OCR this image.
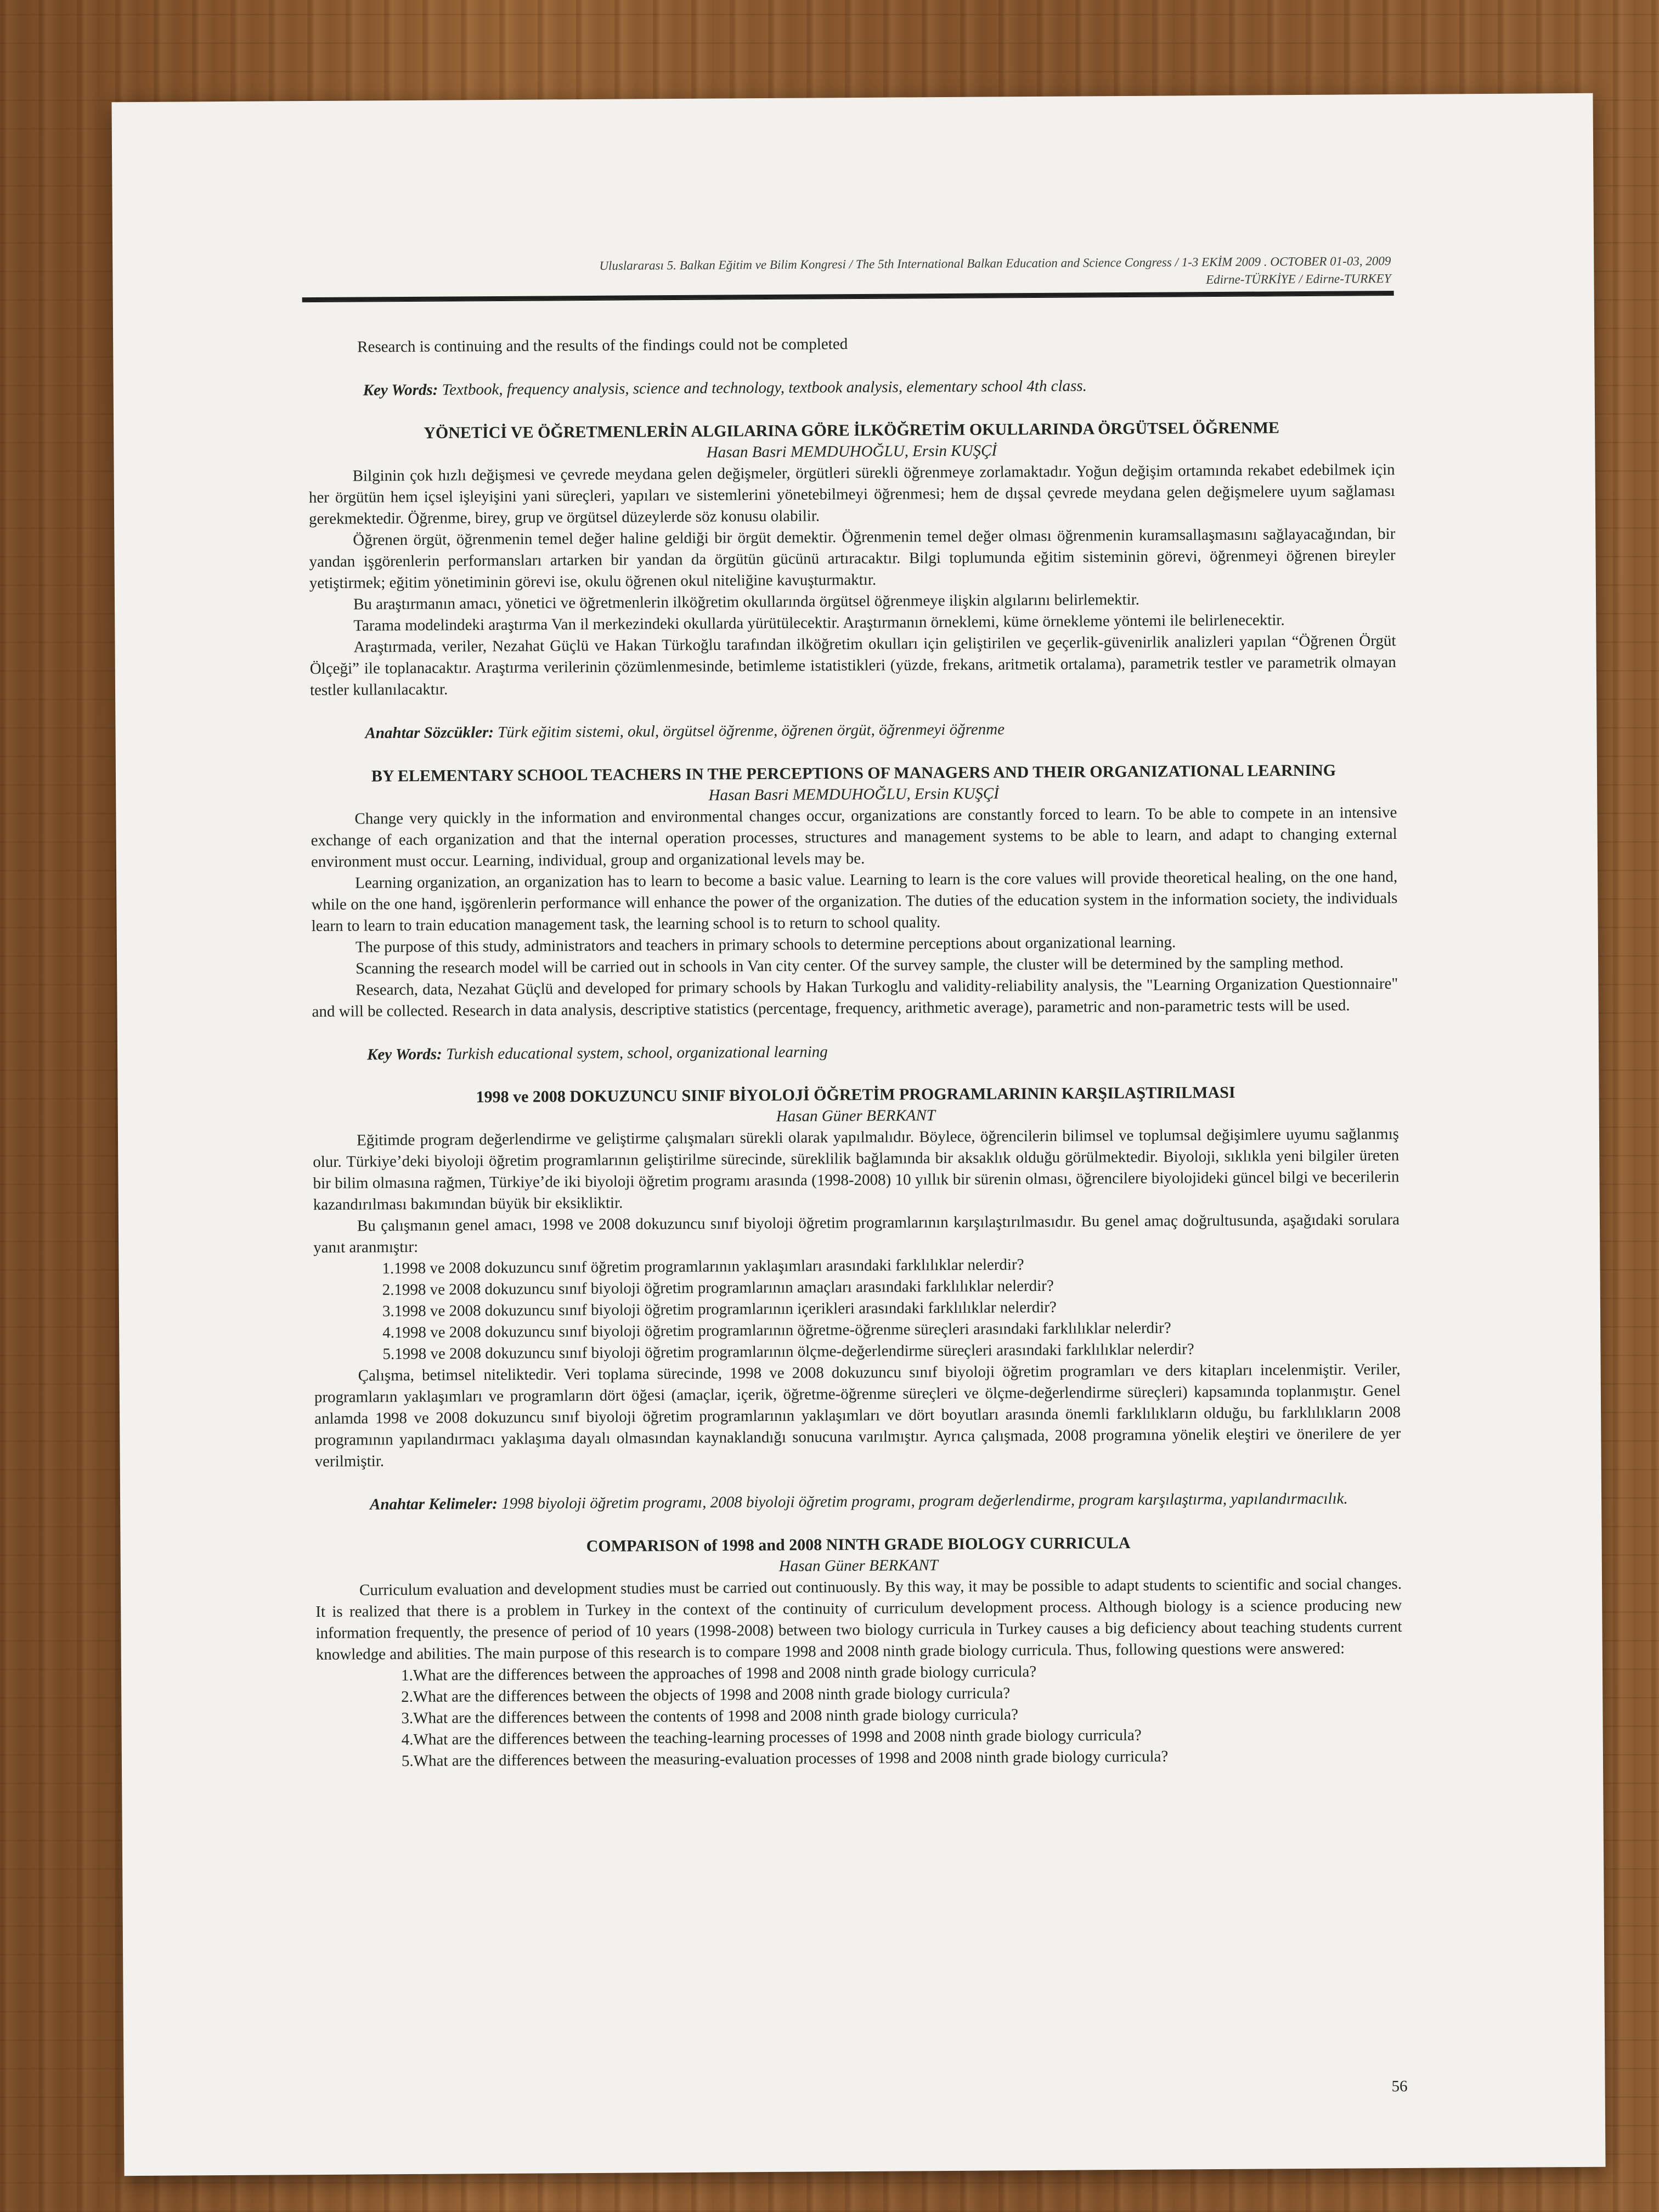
Uluslararası 5. Balkan Eğitim ve Bilim Kongresi / The 5th International Balkan Education and Science Congress / 1-3 EKİM 2009 . OCTOBER 01-03, 2009
Edirne-TÜRKİYE / Edirne-TURKEY

Research is continuing and the results of the findings could not be completed

Key Words: Textbook, frequency analysis, science and technology, textbook analysis, elementary school 4th class.

YÖNETİCİ VE ÖĞRETMENLERİN ALGILARINA GÖRE İLKÖĞRETİM OKULLARINDA ÖRGÜTSEL ÖĞRENME

Hasan Basri MEMDUHOĞLU, Ersin KUŞÇİ

Bilginin çok hızlı değişmesi ve çevrede meydana gelen değişmeler, örgütleri sürekli öğrenmeye zorlamaktadır. Yoğun değişim ortamında rekabet edebilmek için her örgütün hem içsel işleyişini yani süreçleri, yapıları ve sistemlerini yönetebilmeyi öğrenmesi; hem de dışsal çevrede meydana gelen değişmelere uyum sağlaması gerekmektedir. Öğrenme, birey, grup ve örgütsel düzeylerde söz konusu olabilir.

Öğrenen örgüt, öğrenmenin temel değer haline geldiği bir örgüt demektir. Öğrenmenin temel değer olması öğrenmenin kuramsallaşmasını sağlayacağından, bir yandan işgörenlerin performansları artarken bir yandan da örgütün gücünü artıracaktır. Bilgi toplumunda eğitim sisteminin görevi, öğrenmeyi öğrenen bireyler yetiştirmek; eğitim yönetiminin görevi ise, okulu öğrenen okul niteliğine kavuşturmaktır.

Bu araştırmanın amacı, yönetici ve öğretmenlerin ilköğretim okullarında örgütsel öğrenmeye ilişkin algılarını belirlemektir.

Tarama modelindeki araştırma Van il merkezindeki okullarda yürütülecektir. Araştırmanın örneklemi, küme örnekleme yöntemi ile belirlenecektir.

Araştırmada, veriler, Nezahat Güçlü ve Hakan Türkoğlu tarafından ilköğretim okulları için geliştirilen ve geçerlik-güvenirlik analizleri yapılan “Öğrenen Örgüt Ölçeği” ile toplanacaktır. Araştırma verilerinin çözümlenmesinde, betimleme istatistikleri (yüzde, frekans, aritmetik ortalama), parametrik testler ve parametrik olmayan testler kullanılacaktır.

Anahtar Sözcükler: Türk eğitim sistemi, okul, örgütsel öğrenme, öğrenen örgüt, öğrenmeyi öğrenme

BY ELEMENTARY SCHOOL TEACHERS IN THE PERCEPTIONS OF MANAGERS AND THEIR ORGANIZATIONAL LEARNING

Hasan Basri MEMDUHOĞLU, Ersin KUŞÇİ

Change very quickly in the information and environmental changes occur, organizations are constantly forced to learn. To be able to compete in an intensive exchange of each organization and that the internal operation processes, structures and management systems to be able to learn, and adapt to changing external environment must occur. Learning, individual, group and organizational levels may be.

Learning organization, an organization has to learn to become a basic value. Learning to learn is the core values will provide theoretical healing, on the one hand, while on the one hand, işgörenlerin performance will enhance the power of the organization. The duties of the education system in the information society, the individuals learn to learn to train education management task, the learning school is to return to school quality.

The purpose of this study, administrators and teachers in primary schools to determine perceptions about organizational learning.

Scanning the research model will be carried out in schools in Van city center. Of the survey sample, the cluster will be determined by the sampling method.

Research, data, Nezahat Güçlü and developed for primary schools by Hakan Turkoglu and validity-reliability analysis, the "Learning Organization Questionnaire" and will be collected. Research in data analysis, descriptive statistics (percentage, frequency, arithmetic average), parametric and non-parametric tests will be used.

Key Words: Turkish educational system, school, organizational learning

1998 ve 2008 DOKUZUNCU SINIF BİYOLOJİ ÖĞRETİM PROGRAMLARININ KARŞILAŞTIRILMASI

Hasan Güner BERKANT

Eğitimde program değerlendirme ve geliştirme çalışmaları sürekli olarak yapılmalıdır. Böylece, öğrencilerin bilimsel ve toplumsal değişimlere uyumu sağlanmış olur. Türkiye’deki biyoloji öğretim programlarının geliştirilme sürecinde, süreklilik bağlamında bir aksaklık olduğu görülmektedir. Biyoloji, sıklıkla yeni bilgiler üreten bir bilim olmasına rağmen, Türkiye’de iki biyoloji öğretim programı arasında (1998-2008) 10 yıllık bir sürenin olması, öğrencilere biyolojideki güncel bilgi ve becerilerin kazandırılması bakımından büyük bir eksikliktir.

Bu çalışmanın genel amacı, 1998 ve 2008 dokuzuncu sınıf biyoloji öğretim programlarının karşılaştırılmasıdır. Bu genel amaç doğrultusunda, aşağıdaki sorulara yanıt aranmıştır:

1.1998 ve 2008 dokuzuncu sınıf öğretim programlarının yaklaşımları arasındaki farklılıklar nelerdir?
2.1998 ve 2008 dokuzuncu sınıf biyoloji öğretim programlarının amaçları arasındaki farklılıklar nelerdir?
3.1998 ve 2008 dokuzuncu sınıf biyoloji öğretim programlarının içerikleri arasındaki farklılıklar nelerdir?
4.1998 ve 2008 dokuzuncu sınıf biyoloji öğretim programlarının öğretme-öğrenme süreçleri arasındaki farklılıklar nelerdir?
5.1998 ve 2008 dokuzuncu sınıf biyoloji öğretim programlarının ölçme-değerlendirme süreçleri arasındaki farklılıklar nelerdir?

Çalışma, betimsel niteliktedir. Veri toplama sürecinde, 1998 ve 2008 dokuzuncu sınıf biyoloji öğretim programları ve ders kitapları incelenmiştir. Veriler, programların yaklaşımları ve programların dört öğesi (amaçlar, içerik, öğretme-öğrenme süreçleri ve ölçme-değerlendirme süreçleri) kapsamında toplanmıştır. Genel anlamda 1998 ve 2008 dokuzuncu sınıf biyoloji öğretim programlarının yaklaşımları ve dört boyutları arasında önemli farklılıkların olduğu, bu farklılıkların 2008 programının yapılandırmacı yaklaşıma dayalı olmasından kaynaklandığı sonucuna varılmıştır. Ayrıca çalışmada, 2008 programına yönelik eleştiri ve önerilere de yer verilmiştir.

Anahtar Kelimeler: 1998 biyoloji öğretim programı, 2008 biyoloji öğretim programı, program değerlendirme, program karşılaştırma, yapılandırmacılık.

COMPARISON of 1998 and 2008 NINTH GRADE BIOLOGY CURRICULA

Hasan Güner BERKANT

Curriculum evaluation and development studies must be carried out continuously. By this way, it may be possible to adapt students to scientific and social changes. It is realized that there is a problem in Turkey in the context of the continuity of curriculum development process. Although biology is a science producing new information frequently, the presence of period of 10 years (1998-2008) between two biology curricula in Turkey causes a big deficiency about teaching students current knowledge and abilities. The main purpose of this research is to compare 1998 and 2008 ninth grade biology curricula. Thus, following questions were answered:

1.What are the differences between the approaches of 1998 and 2008 ninth grade biology curricula?
2.What are the differences between the objects of 1998 and 2008 ninth grade biology curricula?
3.What are the differences between the contents of 1998 and 2008 ninth grade biology curricula?
4.What are the differences between the teaching-learning processes of 1998 and 2008 ninth grade biology curricula?
5.What are the differences between the measuring-evaluation processes of 1998 and 2008 ninth grade biology curricula?
56
